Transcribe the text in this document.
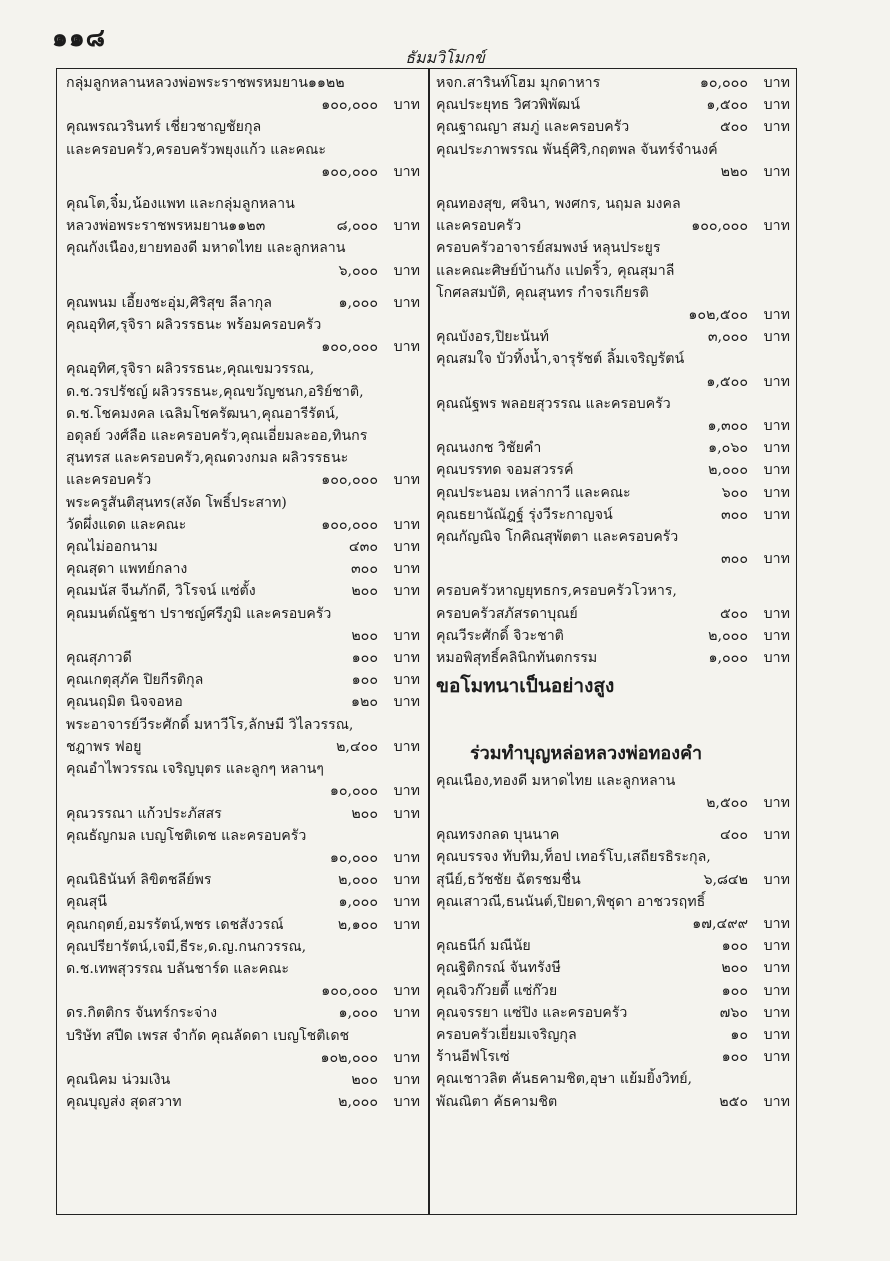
๑๑๘
ธัมมวิโมกข์
กลุ่มลูกหลานหลวงพ่อพระราชพรหมยาน๑๑๒๒
๑๐๐,๐๐๐	บาท
คุณพรณวรินทร์ เชี่ยวชาญชัยกุล
และครอบครัว,ครอบครัวพยุงแก้ว และคณะ
๑๐๐,๐๐๐	บาท
คุณโต,จิ๋ม,น้องแพท และกลุ่มลูกหลาน
หลวงพ่อพระราชพรหมยาน๑๑๒๓	๘,๐๐๐	บาท
คุณกังเนือง,ยายทองดี มหาดไทย และลูกหลาน
๖,๐๐๐	บาท
คุณพนม เอี้ยงชะอุ่ม,ศิริสุข ลีลากุล	๑,๐๐๐	บาท
คุณอุทิศ,รุจิรา ผลิวรรธนะ พร้อมครอบครัว
๑๐๐,๐๐๐	บาท
คุณอุทิศ,รุจิรา ผลิวรรธนะ,คุณเขมวรรณ,
ด.ช.วรปรัชญ์ ผลิวรรธนะ,คุณขวัญชนก,อริย์ชาติ,
ด.ช.โชคมงคล เฉลิมโชครัฒนา,คุณอารีรัตน์,
อดุลย์ วงศ์ลือ และครอบครัว,คุณเอี่ยมละออ,ทินกร
สุนทรส และครอบครัว,คุณดวงกมล ผลิวรรธนะ
และครอบครัว	๑๐๐,๐๐๐	บาท
พระครูสันติสุนทร(สงัด โพธิ์ประสาท)
วัดผึ่งแดด และคณะ	๑๐๐,๐๐๐	บาท
คุณไม่ออกนาม	๔๓๐	บาท
คุณสุดา แพทย์กลาง	๓๐๐	บาท
คุณมนัส จีนภักดี, วิโรจน์ แซ่ตั้ง	๒๐๐	บาท
คุณมนต์ณัฐชา ปราชญ์ศรีภูมิ และครอบครัว
๒๐๐	บาท
คุณสุภาวดี	๑๐๐	บาท
คุณเกตุสุภัค ปิยกีรติกุล	๑๐๐	บาท
คุณนฤมิต นิจจอหอ	๑๒๐	บาท
พระอาจารย์วีระศักดิ์ มหาวีโร,ลักษมี วิไลวรรณ,
ชฎาพร ฟอยู	๒,๔๐๐	บาท
คุณอำไพวรรณ เจริญบุตร และลูกๆ หลานๆ
๑๐,๐๐๐	บาท
คุณวรรณา แก้วประภัสสร	๒๐๐	บาท
คุณธัญกมล เบญโชติเดช และครอบครัว
๑๐,๐๐๐	บาท
คุณนิธินันท์ ลิขิตชลีย์พร	๒,๐๐๐	บาท
คุณสุนี	๑,๐๐๐	บาท
คุณกฤตย์,อมรรัตน์,พชร เดชสังวรณ์	๒,๑๐๐	บาท
คุณปรียารัตน์,เจมี,ธีระ,ด.ญ.กนกวรรณ,
ด.ช.เทพสุวรรณ บลันชาร์ด และคณะ
๑๐๐,๐๐๐	บาท
ดร.กิตติกร จันทร์กระจ่าง	๑,๐๐๐	บาท
บริษัท สปีด เพรส จำกัด คุณลัดดา เบญโชติเดช
๑๐๒,๐๐๐	บาท
คุณนิคม น่วมเงิน	๒๐๐	บาท
คุณบุญส่ง สุดสวาท	๒,๐๐๐	บาท
หจก.สารินท์โฮม มุกดาหาร	๑๐,๐๐๐	บาท
คุณประยุทธ วิศวพิพัฒน์	๑,๕๐๐	บาท
คุณฐาณญา สมภู่ และครอบครัว	๕๐๐	บาท
คุณประภาพรรณ พันธุ์ศิริ,กฤตพล จันทร์จำนงค์
๒๒๐	บาท
คุณทองสุข, ศจินา, พงศกร, นฤมล มงคล
และครอบครัว	๑๐๐,๐๐๐	บาท
ครอบครัวอาจารย์สมพงษ์ หลุนประยูร
และคณะศิษย์บ้านกัง แปดริ้ว, คุณสุมาลี
โกศลสมบัติ, คุณสุนทร กำจรเกียรติ
๑๐๒,๕๐๐	บาท
คุณบังอร,ปิยะนันท์	๓,๐๐๐	บาท
คุณสมใจ บัวทิ้งน้ำ,จารุรัชต์ ลิ้มเจริญรัตน์
๑,๕๐๐	บาท
คุณณัฐพร พลอยสุวรรณ และครอบครัว
๑,๓๐๐	บาท
คุณนงกช วิชัยคำ	๑,๐๖๐	บาท
คุณบรรทด จอมสวรรค์	๒,๐๐๐	บาท
คุณประนอม เหล่ากาวี และคณะ	๖๐๐	บาท
คุณธยานัณัฎฐ์ รุ่งวีระกาญจน์	๓๐๐	บาท
คุณกัญณิจ โกคิณสุพัตตา และครอบครัว
๓๐๐	บาท
ครอบครัวหาญยุทธกร,ครอบครัวโวหาร,
ครอบครัวสภัสรดาบุณย์	๕๐๐	บาท
คุณวีระศักดิ์ จิวะชาติ	๒,๐๐๐	บาท
หมอพิสุทธิ์คลินิกทันตกรรม	๑,๐๐๐	บาท
ขอโมทนาเป็นอย่างสูง
ร่วมทำบุญหล่อหลวงพ่อทองคำ
คุณเนือง,ทองดี มหาดไทย และลูกหลาน
๒,๕๐๐	บาท
คุณทรงกลด บุนนาค	๔๐๐	บาท
คุณบรรจง ทับทิม,ท็อป เทอร์โบ,เสถียรธิระกุล,
สุนีย์,ธวัชชัย ฉัตรชมชื่น	๖,๘๔๒	บาท
คุณเสาวณี,ธนนันต์,ปิยดา,พิชุดา อาชวรฤทธิ์
๑๗,๔๙๙	บาท
คุณธนีก์ มณีนัย	๑๐๐	บาท
คุณฐิติกรณ์ จันทรังษี	๒๐๐	บาท
คุณจิวก๊วยตี้ แซ่ก๊วย	๑๐๐	บาท
คุณจรรยา แซ่ปิง และครอบครัว	๗๖๐	บาท
ครอบครัวเยี่ยมเจริญกุล	๑๐	บาท
ร้านอีฟโรเซ่	๑๐๐	บาท
คุณเชาวลิต คันธคามชิต,อุษา แย้มยิ้งวิทย์,
พัณณิตา คัธคามชิต	๒๕๐	บาท
